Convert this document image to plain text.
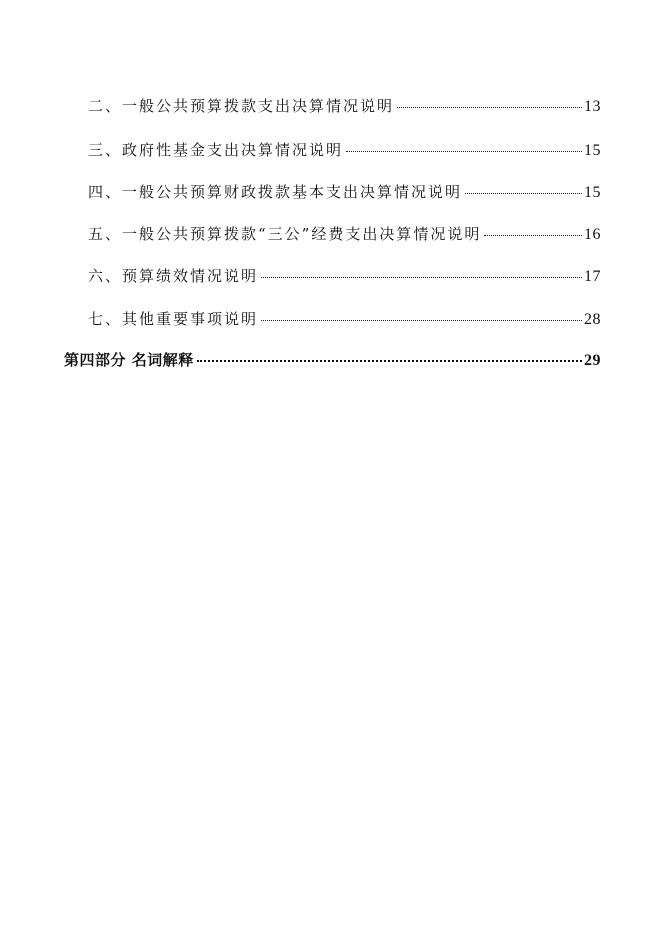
二、一般公共预算拨款支出决算情况说明	13
三、政府性基金支出决算情况说明	15
四、一般公共预算财政拨款基本支出决算情况说明	15
五、一般公共预算拨款“三公”经费支出决算情况说明	16
六、预算绩效情况说明	17
七、其他重要事项说明	28
第四部分 名词解释	29
